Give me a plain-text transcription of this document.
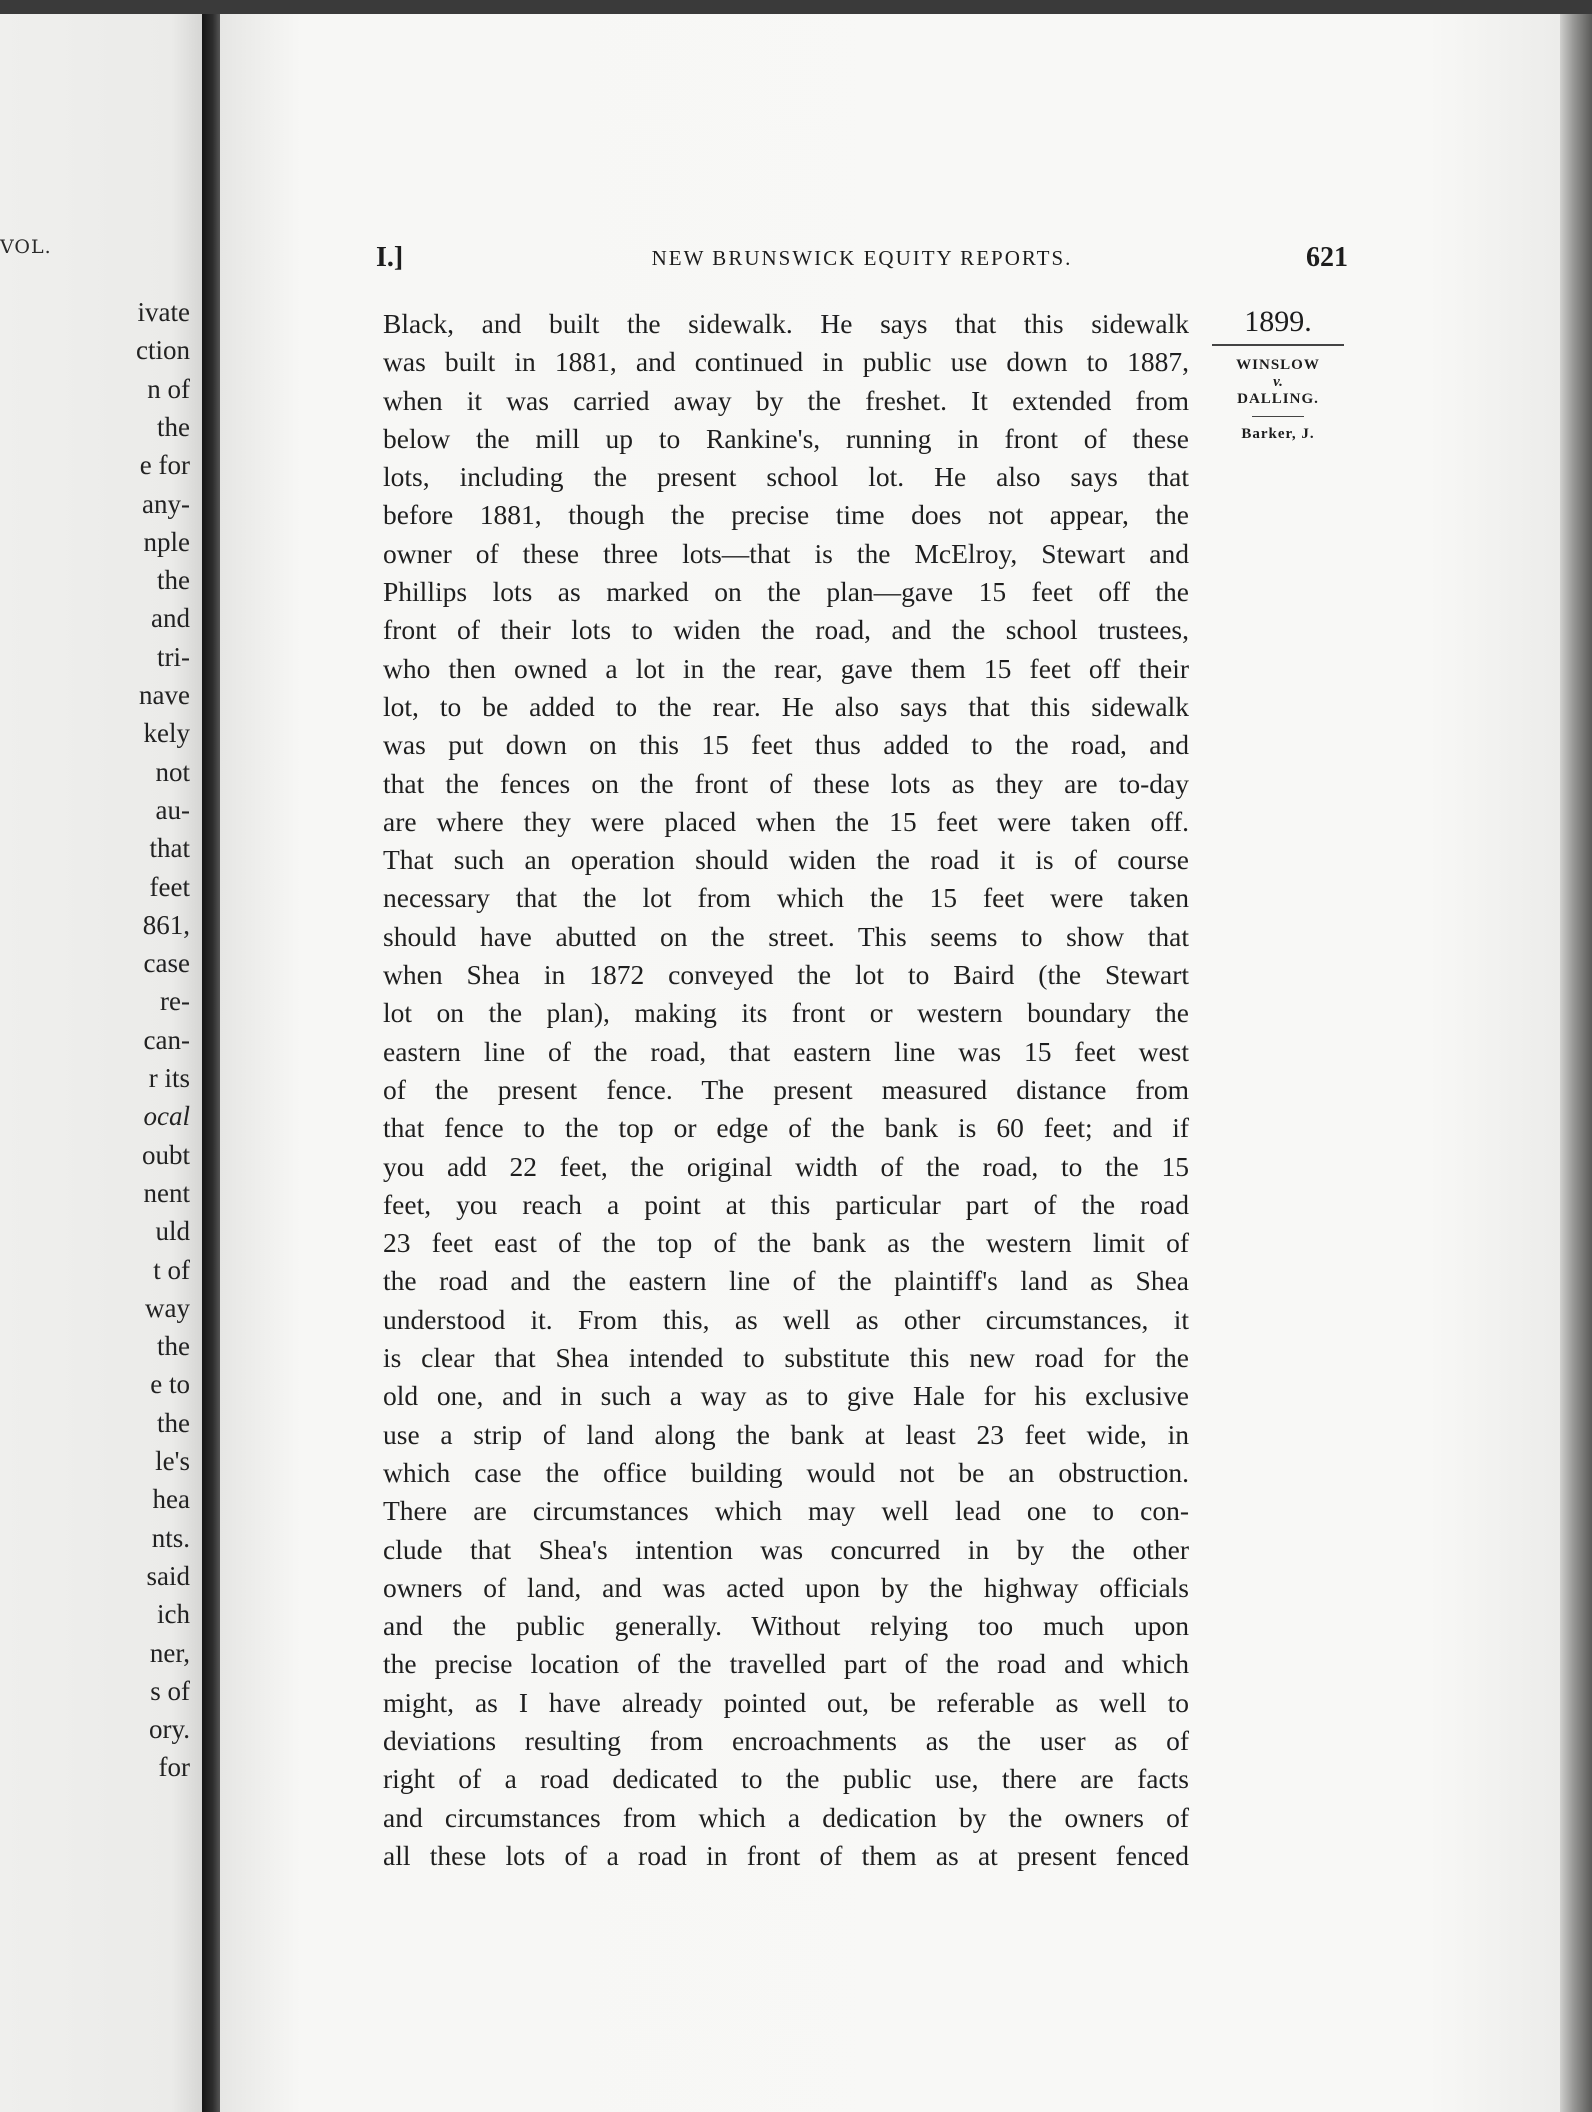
VOL.
ivate
ction
n of
the
e for
any-
nple
the
and
tri-
nave
kely
not
au-
that
feet
861,
case
re-
can-
r its
ocal
oubt
nent
uld
t of
way
the
e to
the
le's
hea
nts.
said
ich
ner,
s of
ory.
for
I.]	NEW BRUNSWICK EQUITY REPORTS.	621
Black, and built the sidewalk. He says that this sidewalk
was built in 1881, and continued in public use down to 1887,
when it was carried away by the freshet. It extended from
below the mill up to Rankine's, running in front of these
lots, including the present school lot. He also says that
before 1881, though the precise time does not appear, the
owner of these three lots—that is the McElroy, Stewart and
Phillips lots as marked on the plan—gave 15 feet off the
front of their lots to widen the road, and the school trustees,
who then owned a lot in the rear, gave them 15 feet off their
lot, to be added to the rear. He also says that this sidewalk
was put down on this 15 feet thus added to the road, and
that the fences on the front of these lots as they are to-day
are where they were placed when the 15 feet were taken off.
That such an operation should widen the road it is of course
necessary that the lot from which the 15 feet were taken
should have abutted on the street. This seems to show that
when Shea in 1872 conveyed the lot to Baird (the Stewart
lot on the plan), making its front or western boundary the
eastern line of the road, that eastern line was 15 feet west
of the present fence. The present measured distance from
that fence to the top or edge of the bank is 60 feet; and if
you add 22 feet, the original width of the road, to the 15
feet, you reach a point at this particular part of the road
23 feet east of the top of the bank as the western limit of
the road and the eastern line of the plaintiff's land as Shea
understood it. From this, as well as other circumstances, it
is clear that Shea intended to substitute this new road for the
old one, and in such a way as to give Hale for his exclusive
use a strip of land along the bank at least 23 feet wide, in
which case the office building would not be an obstruction.
There are circumstances which may well lead one to con-
clude that Shea's intention was concurred in by the other
owners of land, and was acted upon by the highway officials
and the public generally. Without relying too much upon
the precise location of the travelled part of the road and which
might, as I have already pointed out, be referable as well to
deviations resulting from encroachments as the user as of
right of a road dedicated to the public use, there are facts
and circumstances from which a dedication by the owners of
all these lots of a road in front of them as at present fenced
1899.
WINSLOW
v.
DALLING.
Barker, J.
